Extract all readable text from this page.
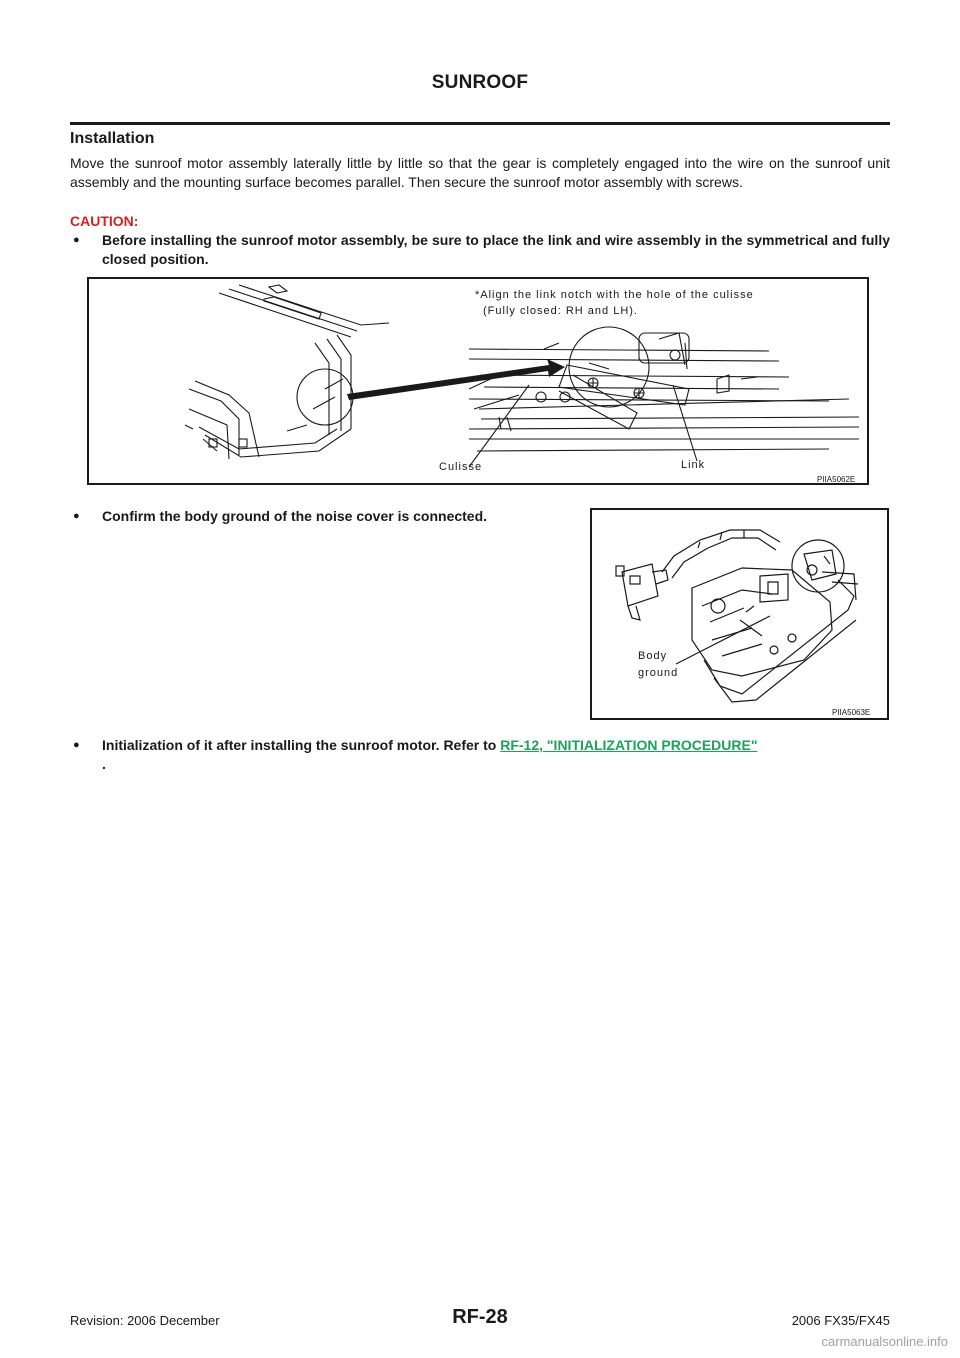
SUNROOF
Installation
Move the sunroof motor assembly laterally little by little so that the gear is completely engaged into the wire on the sunroof unit assembly and the mounting surface becomes parallel. Then secure the sunroof motor assembly with screws.
CAUTION:
● Before installing the sunroof motor assembly, be sure to place the link and wire assembly in the symmetrical and fully closed position.
*Align the link notch with the hole of the culisse
(Fully closed: RH and LH).
Culisse	Link
PIIA5062E
● Confirm the body ground of the noise cover is connected.
Body
ground
PIIA5063E
● Initialization of it after installing the sunroof motor. Refer to RF-12, "INITIALIZATION PROCEDURE"
.
Revision: 2006 December	RF-28	2006 FX35/FX45
carmanualsonline.info
